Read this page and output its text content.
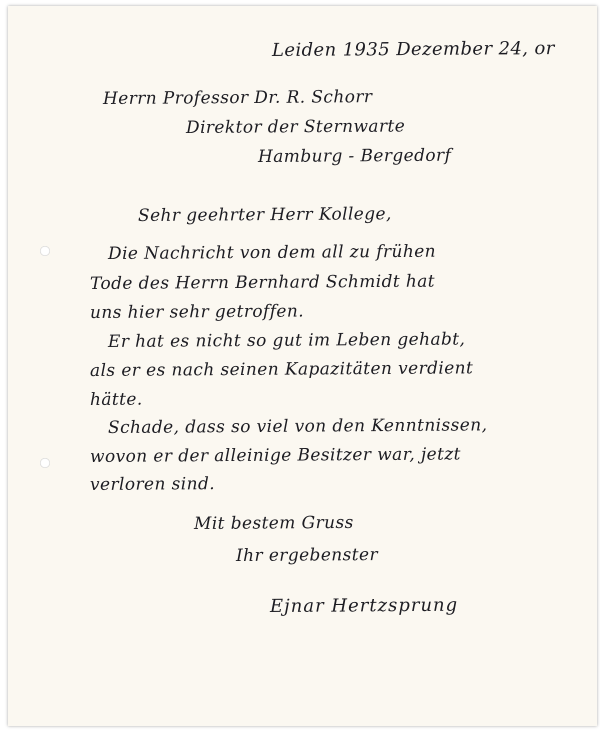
Leiden 1935 Dezember 24, or
Herrn Professor Dr. R. Schorr
Direktor der Sternwarte
Hamburg - Bergedorf
Sehr geehrter Herr Kollege,
Die Nachricht von dem all zu frühen
Tode des Herrn Bernhard Schmidt hat
uns hier sehr getroffen.
Er hat es nicht so gut im Leben gehabt,
als er es nach seinen Kapazitäten verdient
hätte.
Schade, dass so viel von den Kenntnissen,
wovon er der alleinige Besitzer war, jetzt
verloren sind.
Mit bestem Gruss
Ihr ergebenster
Ejnar Hertzsprung
